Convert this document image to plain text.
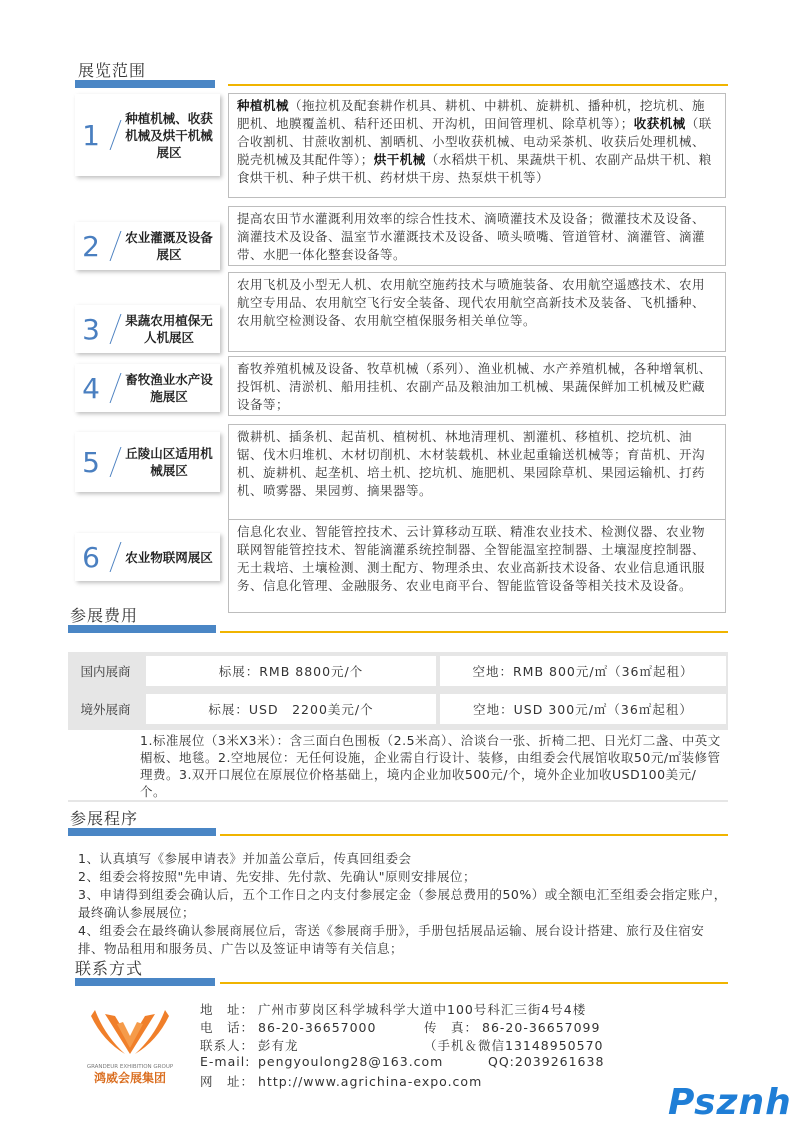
展览范围
1
种植机械、收获机械及烘干机械展区
种植机械（拖拉机及配套耕作机具、耕机、中耕机、旋耕机、播种机，挖坑机、施肥机、地膜覆盖机、秸秆还田机、开沟机，田间管理机、除草机等）；收获机械（联合收割机、甘蔗收割机、割晒机、小型收获机械、电动采茶机、收获后处理机械、脱壳机械及其配件等）；烘干机械（水稻烘干机、果蔬烘干机、农副产品烘干机、粮食烘干机、种子烘干机、药材烘干房、热泵烘干机等）
2	农业灌溉及设备展区
提高农田节水灌溉利用效率的综合性技术、滴喷灌技术及设备；微灌技术及设备、滴灌技术及设备、温室节水灌溉技术及设备、喷头喷嘴、管道管材、滴灌管、滴灌带、水肥一体化整套设备等。
3	果蔬农用植保无人机展区
农用飞机及小型无人机、农用航空施药技术与喷施装备、农用航空遥感技术、农用航空专用品、农用航空飞行安全装备、现代农用航空高新技术及装备、飞机播种、农用航空检测设备、农用航空植保服务相关单位等。
4	畜牧渔业水产设施展区
畜牧养殖机械及设备、牧草机械（系列）、渔业机械、水产养殖机械，各种增氧机、投饵机、清淤机、船用挂机、农副产品及粮油加工机械、果蔬保鲜加工机械及贮藏设备等；
5	丘陵山区适用机械展区
微耕机、插条机、起苗机、植树机、林地清理机、割灌机、移植机、挖坑机、油锯、伐木归堆机、木材切削机、木材装载机、林业起重输送机械等；育苗机、开沟机、旋耕机、起垄机、培土机、挖坑机、施肥机、果园除草机、果园运输机、打药机、喷雾器、果园剪、摘果器等。
6	农业物联网展区
信息化农业、智能管控技术、云计算移动互联、精准农业技术、检测仪器、农业物联网智能管控技术、智能滴灌系统控制器、全智能温室控制器、土壤湿度控制器、无土栽培、土壤检测、测土配方、物理杀虫、农业高新技术设备、农业信息通讯服务、信息化管理、金融服务、农业电商平台、智能监管设备等相关技术及设备。
参展费用
国内展商	标展：RMB 8800元/个	空地：RMB 800元/㎡（36㎡起租）
境外展商	标展：USD　2200美元/个	空地：USD 300元/㎡（36㎡起租）
1.标准展位（3米X3米）：含三面白色围板（2.5米高）、洽谈台一张、折椅二把、日光灯二盏、中英文楣板、地毯。2.空地展位：无任何设施，企业需自行设计、装修，由组委会代展馆收取50元/㎡装修管理费。3.双开口展位在原展位价格基础上，境内企业加收500元/个，境外企业加收USD100美元/个。
参展程序
1、认真填写《参展申请表》并加盖公章后，传真回组委会
2、组委会将按照"先申请、先安排、先付款、先确认"原则安排展位；
3、申请得到组委会确认后，五个工作日之内支付参展定金（参展总费用的50%）或全额电汇至组委会指定账户，最终确认参展展位；
4、组委会在最终确认参展商展位后，寄送《参展商手册》，手册包括展品运输、展台设计搭建、旅行及住宿安排、物品租用和服务员、广告以及签证申请等有关信息；
联系方式
GRANDEUR EXHIBITION GROUP
鸿威会展集团
地　址： 广州市萝岗区科学城科学大道中100号科汇三街4号4楼
电　话： 86-20-36657000	传　真： 86-20-36657099
联系人： 彭有龙	（手机＆微信13148950570
E-mail: pengyoulong28@163.com	QQ:2039261638
网　址： http://www.agrichina-expo.com
Psznh
